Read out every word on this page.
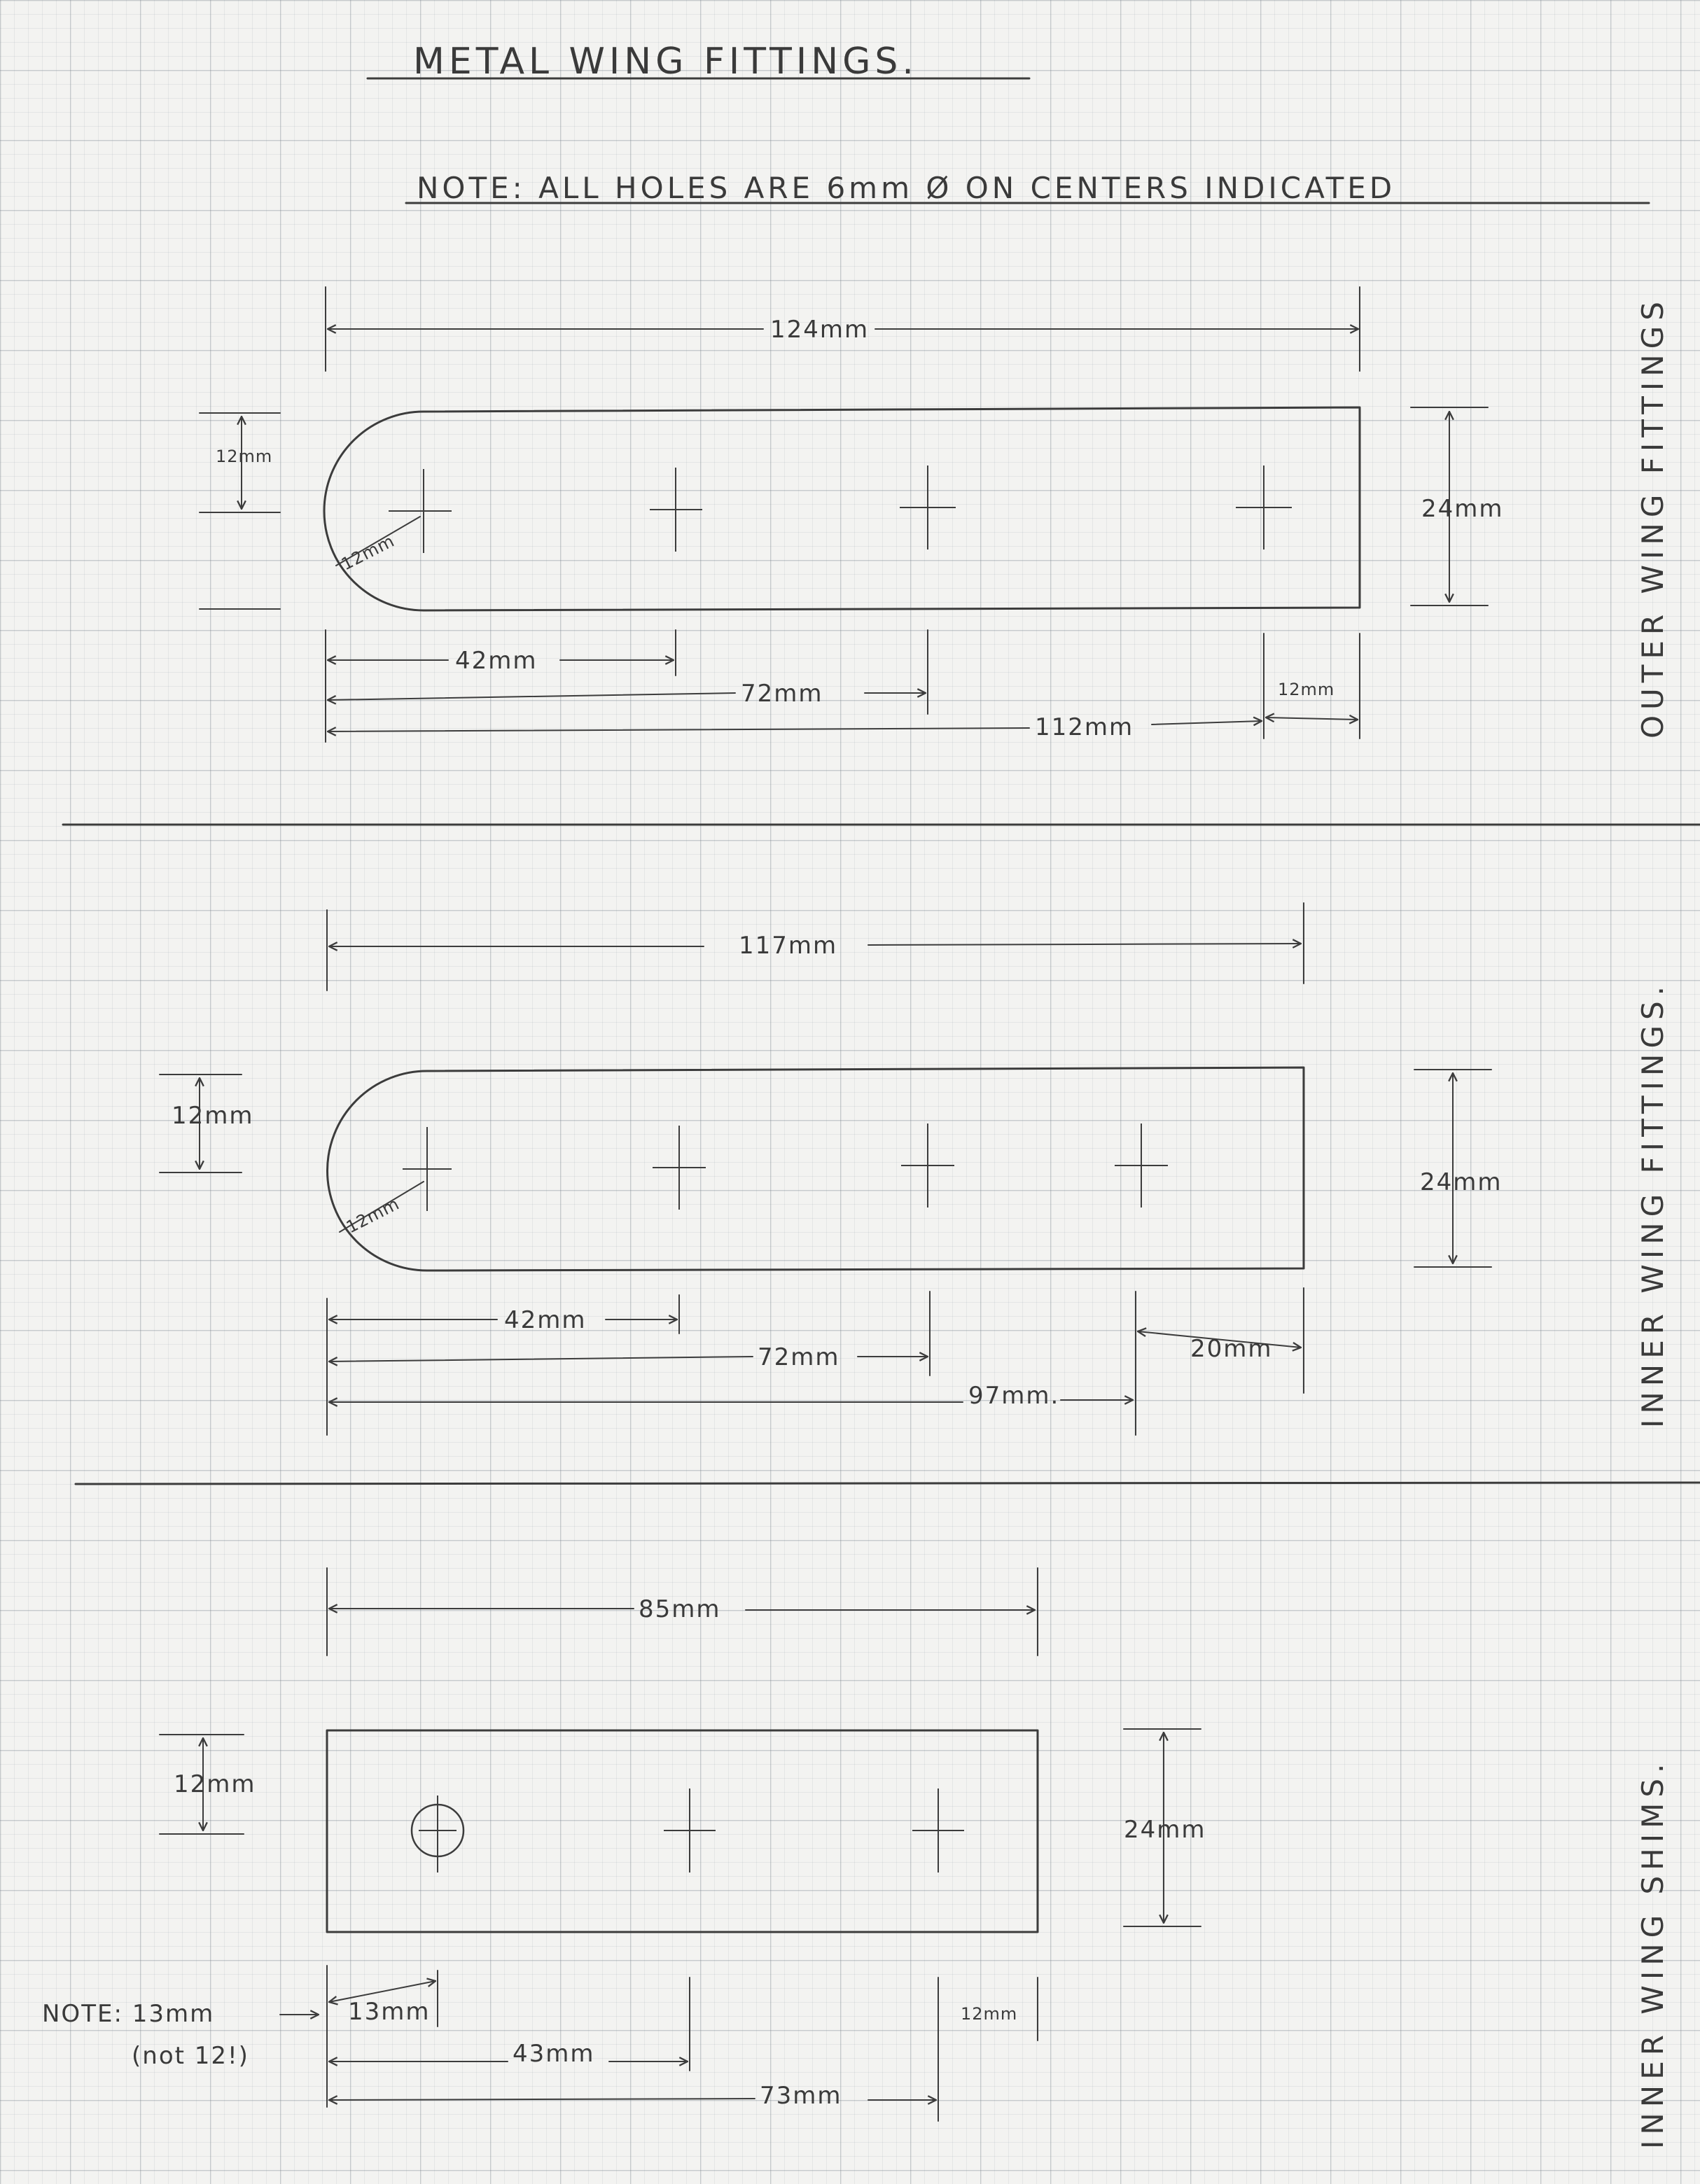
METAL WING FITTINGS.
NOTE: ALL HOLES ARE 6mm Ø ON CENTERS INDICATED
124mm
12mm
12mm
24mm
42mm
72mm
112mm
12mm	OUTER WING FITTINGS
117mm
12mm
12mm
24mm
42mm
72mm
97mm.
20mm	INNER WING FITTINGS.
85mm
12mm
24mm
13mm
43mm
73mm
12mm
NOTE: 13mm
(not 12!)	INNER WING SHIMS.
